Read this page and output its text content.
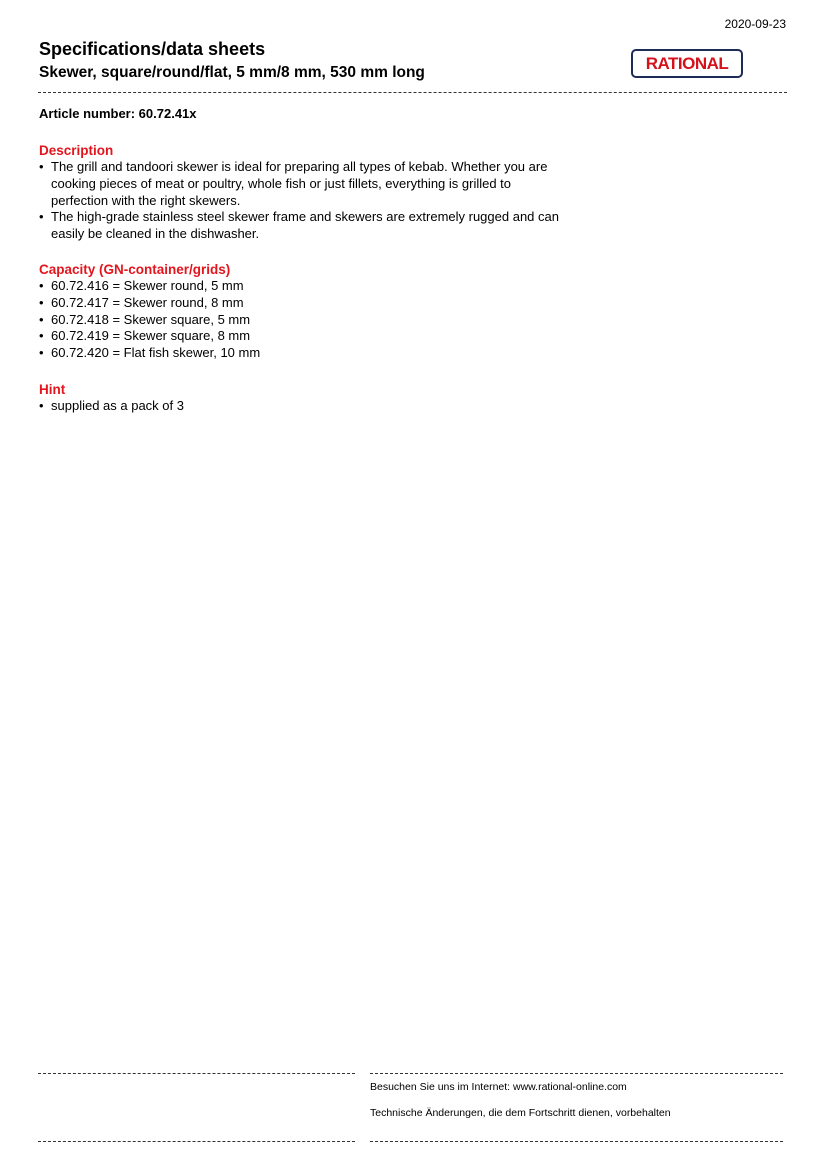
2020-09-23
Specifications/data sheets
Skewer, square/round/flat, 5 mm/8 mm, 530 mm long	RATIONAL
Article number: 60.72.41x
Description
• The grill and tandoori skewer is ideal for preparing all types of kebab. Whether you are cooking pieces of meat or poultry, whole fish or just fillets, everything is grilled to perfection with the right skewers.
• The high-grade stainless steel skewer frame and skewers are extremely rugged and can easily be cleaned in the dishwasher.
Capacity (GN-container/grids)
• 60.72.416 = Skewer round, 5 mm
• 60.72.417 = Skewer round, 8 mm
• 60.72.418 = Skewer square, 5 mm
• 60.72.419 = Skewer square, 8 mm
• 60.72.420 = Flat fish skewer, 10 mm
Hint
• supplied as a pack of 3
Besuchen Sie uns im Internet: www.rational-online.com
Technische Änderungen, die dem Fortschritt dienen, vorbehalten
